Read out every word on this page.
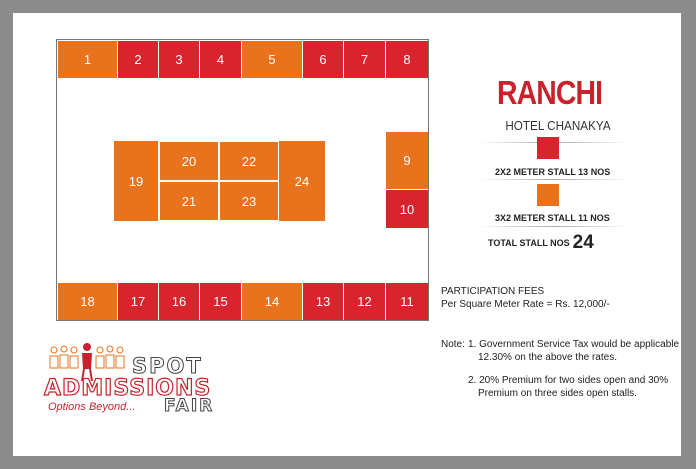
1	2	3	4	5	6	7	8
9
10
19
20
21
22
23
24
18	17 16 15	14	13 12 11
RANCHI
HOTEL CHANAKYA
2X2 METER STALL 13 NOS
3X2 METER STALL 11 NOS
TOTAL STALL NOS 24
PARTICIPATION FEES
Per Square Meter Rate = Rs. 12,000/-
Note: 1. Government Service Tax would be applicable
12.30% on the above the rates.
2. 20% Premium for two sides open and 30%
Premium on three sides open stalls.
SPOT
ADMISSIONS
Options Beyond... FAIR
